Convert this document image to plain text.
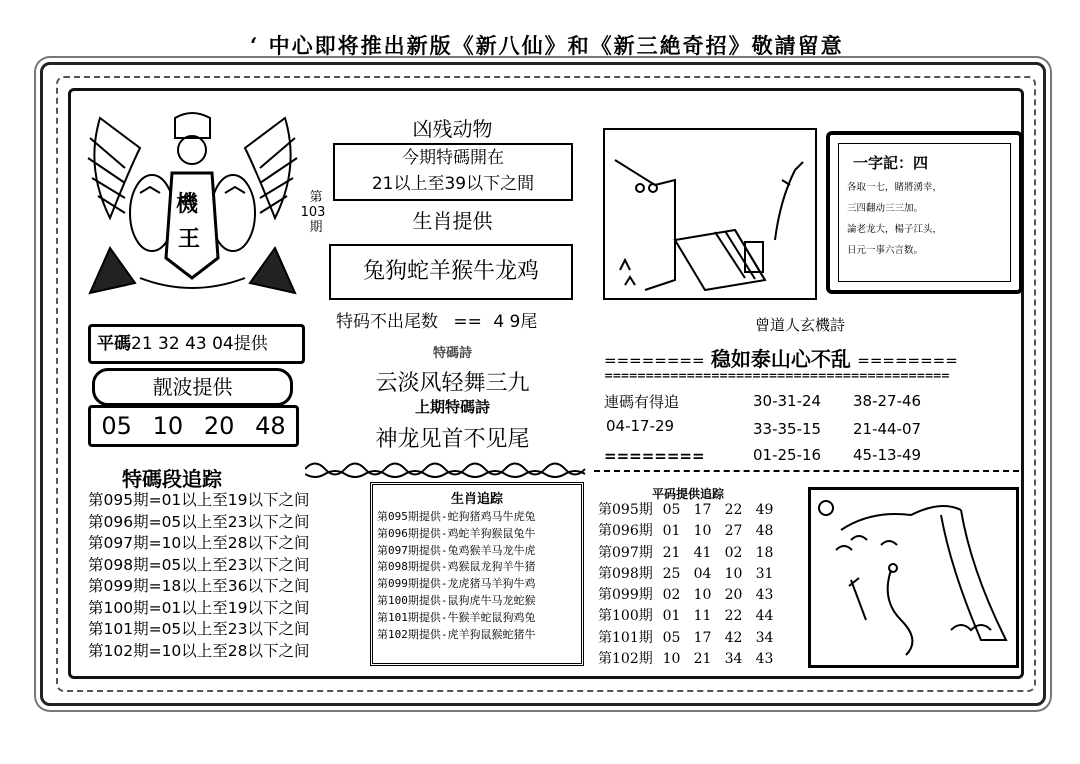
‘ 中心即将推出新版《新八仙》和《新三絶奇招》敬請留意
機
王
第
103
期
平碼21 32 43 04提供
靓波提供
05 10 20 48
特碼段追踪
第095期=01以上至19以下之间
第096期=05以上至23以下之间
第097期=10以上至28以下之间
第098期=05以上至23以下之间
第099期=18以上至36以下之间
第100期=01以上至19以下之间
第101期=05以上至23以下之间
第102期=10以上至28以下之间
凶残动物
今期特碼開在
21以上至39以下之間
生肖提供
兔狗蛇羊猴牛龙鸡
特码不出尾数 == 4 9尾
特碼詩
云淡风轻舞三九
上期特碼詩
神龙见首不见尾
生肖追踪
第095期提供-蛇狗猪鸡马牛虎兔
第096期提供-鸡蛇羊狗猴鼠兔牛
第097期提供-兔鸡猴羊马龙牛虎
第098期提供-鸡猴鼠龙狗羊牛猪
第099期提供-龙虎猪马羊狗牛鸡
第100期提供-鼠狗虎牛马龙蛇猴
第101期提供-牛猴羊蛇鼠狗鸡兔
第102期提供-虎羊狗鼠猴蛇猪牛
一字記：四
各取一七，賭將湧幸，
三四翻动三三加。
論老龙大，楊子江头，
日元一事六言数。
曾道人玄機詩
======== 稳如泰山心不乱 ========
==========================================
連碼有得追
04-17-29
30-31-24 38-27-46
33-35-15 21-44-07
========	01-25-16 45-13-49
平码提供追踪
第095期 05 17 22 49
第096期 01 10 27 48
第097期 21 41 02 18
第098期 25 04 10 31
第099期 02 10 20 43
第100期 01 11 22 44
第101期 05 17 42 34
第102期 10 21 34 43
